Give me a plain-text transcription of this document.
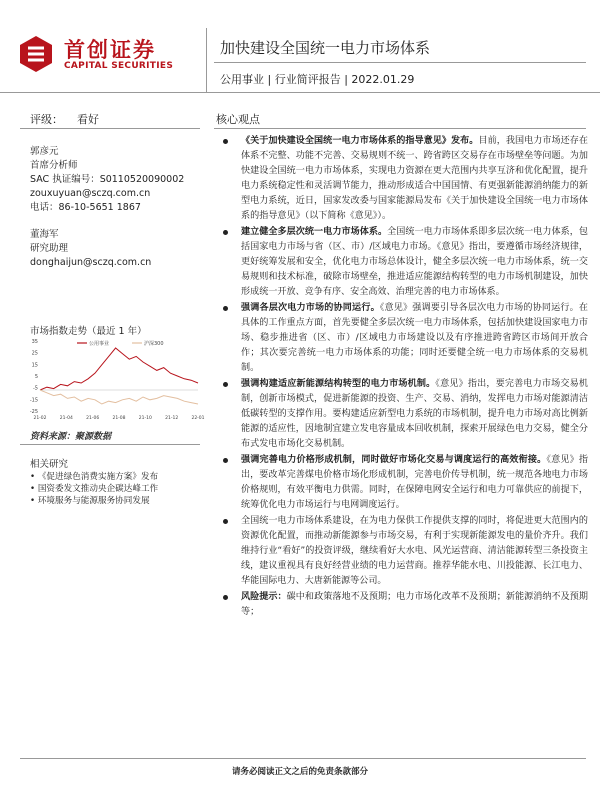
首创证券
CAPITAL SECURITIES
加快建设全国统一电力市场体系
公用事业 | 行业简评报告 | 2022.01.29
评级： 看好
郭彦元
首席分析师
SAC 执证编号：S0110520090002
zouxuyuan@sczq.com.cn
电话：86-10-5651 1867
董海军
研究助理
donghaijun@sczq.com.cn
市场指数走势（最近 1 年）
35
25
15
5
-5
-15
-25
21-02	21-04	21-06	21-08	21-10	21-12	22-01
公用事业	沪深300
资料来源：聚源数据
相关研究
• 《促进绿色消费实施方案》发布
• 国资委发文推动央企碳达峰工作
• 环境服务与能源服务协同发展
核心观点
《关于加快建设全国统一电力市场体系的指导意见》发布。目前，我国电力市场还存在体系不完整、功能不完善、交易规则不统一、跨省跨区交易存在市场壁垒等问题。为加快建设全国统一电力市场体系，实现电力资源在更大范围内共享互济和优化配置，提升电力系统稳定性和灵活调节能力，推动形成适合中国国情、有更强新能源消纳能力的新型电力系统，近日，国家发改委与国家能源局发布《关于加快建设全国统一电力市场体系的指导意见》（以下简称《意见》）。
建立健全多层次统一电力市场体系。全国统一电力市场体系即多层次统一电力体系，包括国家电力市场与省（区、市）/区域电力市场。《意见》指出，要遵循市场经济规律，更好统筹发展和安全，优化电力市场总体设计，健全多层次统一电力市场体系，统一交易规则和技术标准，破除市场壁垒，推进适应能源结构转型的电力市场机制建设，加快形成统一开放、竞争有序、安全高效、治理完善的电力市场体系。
强调各层次电力市场的协同运行。《意见》强调要引导各层次电力市场的协同运行。在具体的工作重点方面，首先要健全多层次统一电力市场体系，包括加快建设国家电力市场、稳步推进省（区、市）/区域电力市场建设以及有序推进跨省跨区市场间开放合作；其次要完善统一电力市场体系的功能；同时还要健全统一电力市场体系的交易机制。
强调构建适应新能源结构转型的电力市场机制。《意见》指出，要完善电力市场交易机制，创新市场模式，促进新能源的投资、生产、交易、消纳，发挥电力市场对能源清洁低碳转型的支撑作用。要构建适应新型电力系统的市场机制，提升电力市场对高比例新能源的适应性，因地制宜建立发电容量成本回收机制，探索开展绿色电力交易，健全分布式发电市场化交易机制。
强调完善电力价格形成机制，同时做好市场化交易与调度运行的高效衔接。《意见》指出，要改革完善煤电价格市场化形成机制，完善电价传导机制，统一规范各地电力市场价格规则，有效平衡电力供需。同时，在保障电网安全运行和电力可靠供应的前提下，统筹优化电力市场运行与电网调度运行。
全国统一电力市场体系建设，在为电力保供工作提供支撑的同时，将促进更大范围内的资源优化配置，而推动新能源参与市场交易，有利于实现新能源发电的量价齐升。我们维持行业“看好”的投资评级，继续看好大水电、风光运营商、清洁能源转型三条投资主线，建议重视具有良好经营业绩的电力运营商。推荐华能水电、川投能源、长江电力、华能国际电力、大唐新能源等公司。
风险提示：碳中和政策落地不及预期；电力市场化改革不及预期；新能源消纳不及预期等；
请务必阅读正文之后的免责条款部分
